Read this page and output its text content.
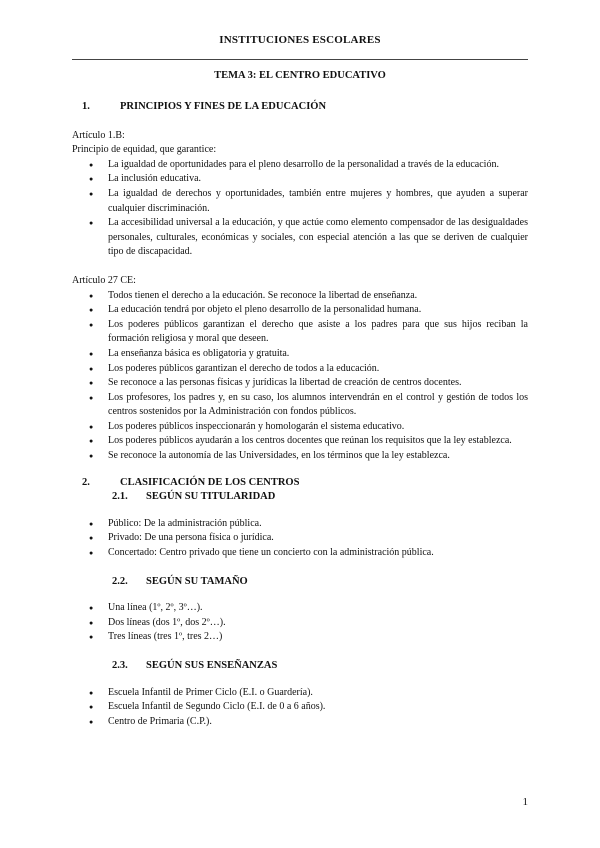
INSTITUCIONES ESCOLARES
TEMA 3: EL CENTRO EDUCATIVO
1.	PRINCIPIOS Y FINES DE LA EDUCACIÓN

Artículo 1.B:

Principio de equidad, que garantice:

● La igualdad de oportunidades para el pleno desarrollo de la personalidad a través de la educación.
● La inclusión educativa.
● La igualdad de derechos y oportunidades, también entre mujeres y hombres, que ayuden a superar cualquier discriminación.
● La accesibilidad universal a la educación, y que actúe como elemento compensador de las desigualdades personales, culturales, económicas y sociales, con especial atención a las que se deriven de cualquier tipo de discapacidad.

Artículo 27 CE:

● Todos tienen el derecho a la educación. Se reconoce la libertad de enseñanza.
● La educación tendrá por objeto el pleno desarrollo de la personalidad humana.
● Los poderes públicos garantizan el derecho que asiste a los padres para que sus hijos reciban la formación religiosa y moral que deseen.
● La enseñanza básica es obligatoria y gratuita.
● Los poderes públicos garantizan el derecho de todos a la educación.
● Se reconoce a las personas físicas y jurídicas la libertad de creación de centros docentes.
● Los profesores, los padres y, en su caso, los alumnos intervendrán en el control y gestión de todos los centros sostenidos por la Administración con fondos públicos.
● Los poderes públicos inspeccionarán y homologarán el sistema educativo.
● Los poderes públicos ayudarán a los centros docentes que reúnan los requisitos que la ley establezca.
● Se reconoce la autonomía de las Universidades, en los términos que la ley establezca.
2.	CLASIFICACIÓN DE LOS CENTROS
2.1.	SEGÚN SU TITULARIDAD
● Público: De la administración pública.
● Privado: De una persona física o jurídica.
● Concertado: Centro privado que tiene un concierto con la administración pública.
2.2.	SEGÚN SU TAMAÑO
● Una línea (1º, 2º, 3º…).
● Dos líneas (dos 1º, dos 2º…).
● Tres líneas (tres 1º, tres 2…)
2.3.	SEGÚN SUS ENSEÑANZAS
● Escuela Infantil de Primer Ciclo (E.I. o Guardería).
● Escuela Infantil de Segundo Ciclo (E.I. de 0 a 6 años).
● Centro de Primaria (C.P.).
1
